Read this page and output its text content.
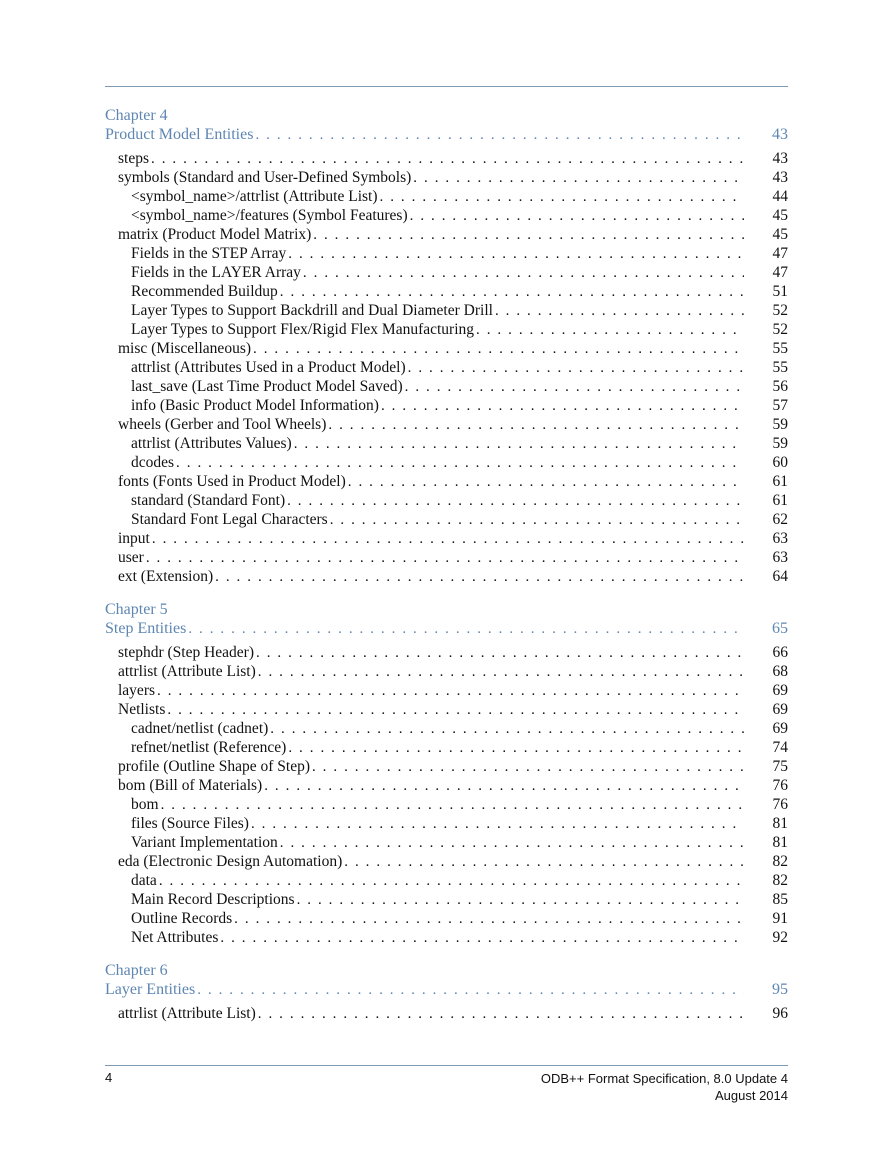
Chapter 4
Product Model Entities . . .	43
steps . . .	43
symbols (Standard and User-Defined Symbols) . . .	43
<symbol_name>/attrlist (Attribute List) . . .	44
<symbol_name>/features (Symbol Features) . . .	45
matrix (Product Model Matrix) . . .	45
Fields in the STEP Array . . .	47
Fields in the LAYER Array . . .	47
Recommended Buildup . . .	51
Layer Types to Support Backdrill and Dual Diameter Drill . . .	52
Layer Types to Support Flex/Rigid Flex Manufacturing . . .	52
misc (Miscellaneous) . . .	55
attrlist (Attributes Used in a Product Model) . . .	55
last_save (Last Time Product Model Saved) . . .	56
info (Basic Product Model Information) . . .	57
wheels (Gerber and Tool Wheels) . . .	59
attrlist (Attributes Values) . . .	59
dcodes . . .	60
fonts (Fonts Used in Product Model) . . .	61
standard (Standard Font) . . .	61
Standard Font Legal Characters . . .	62
input . . .	63
user . . .	63
ext (Extension) . . .	64
Chapter 5
Step Entities . . .	65
stephdr (Step Header) . . .	66
attrlist (Attribute List) . . .	68
layers . . .	69
Netlists . . .	69
cadnet/netlist (cadnet) . . .	69
refnet/netlist (Reference) . . .	74
profile (Outline Shape of Step) . . .	75
bom (Bill of Materials) . . .	76
bom . . .	76
files (Source Files) . . .	81
Variant Implementation . . .	81
eda (Electronic Design Automation) . . .	82
data . . .	82
Main Record Descriptions . . .	85
Outline Records . . .	91
Net Attributes . . .	92
Chapter 6
Layer Entities . . .	95
attrlist (Attribute List) . . .	96
4	ODB++ Format Specification, 8.0 Update 4
August 2014
